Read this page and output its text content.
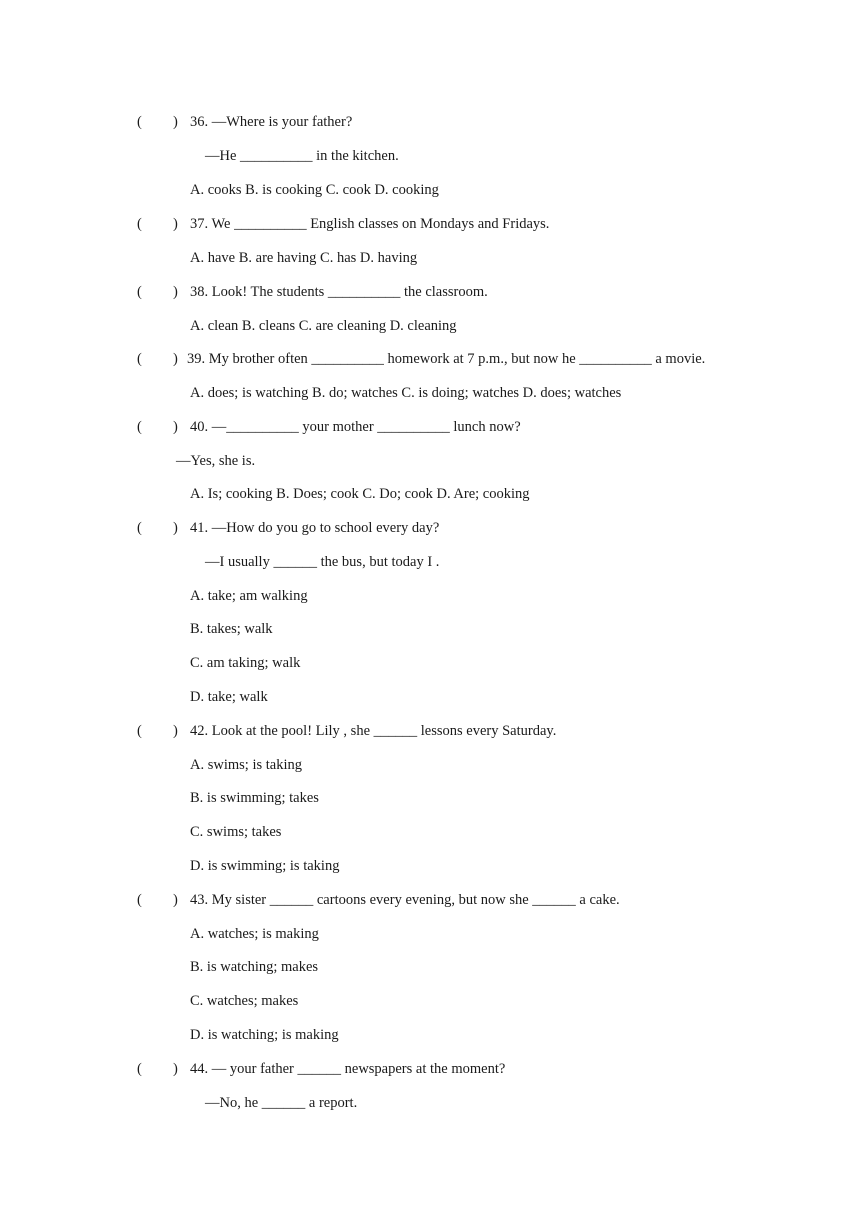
( ) 36. —Where is your father?
—He __________ in the kitchen.
A. cooks B. is cooking C. cook D. cooking
( ) 37. We __________ English classes on Mondays and Fridays.
A. have B. are having C. has D. having
( ) 38. Look! The students __________ the classroom.
A. clean B. cleans C. are cleaning D. cleaning
( ) 39. My brother often __________ homework at 7 p.m., but now he __________ a movie.
A. does; is watching B. do; watches C. is doing; watches D. does; watches
( ) 40. —__________ your mother __________ lunch now?
—Yes, she is.
A. Is; cooking B. Does; cook C. Do; cook D. Are; cooking
( ) 41. —How do you go to school every day?
—I usually ______ the bus, but today I .
A. take; am walking
B. takes; walk
C. am taking; walk
D. take; walk
( ) 42. Look at the pool! Lily , she ______ lessons every Saturday.
A. swims; is taking
B. is swimming; takes
C. swims; takes
D. is swimming; is taking
( ) 43. My sister ______ cartoons every evening, but now she ______ a cake.
A. watches; is making
B. is watching; makes
C. watches; makes
D. is watching; is making
( ) 44. — your father ______ newspapers at the moment?
—No, he ______ a report.
